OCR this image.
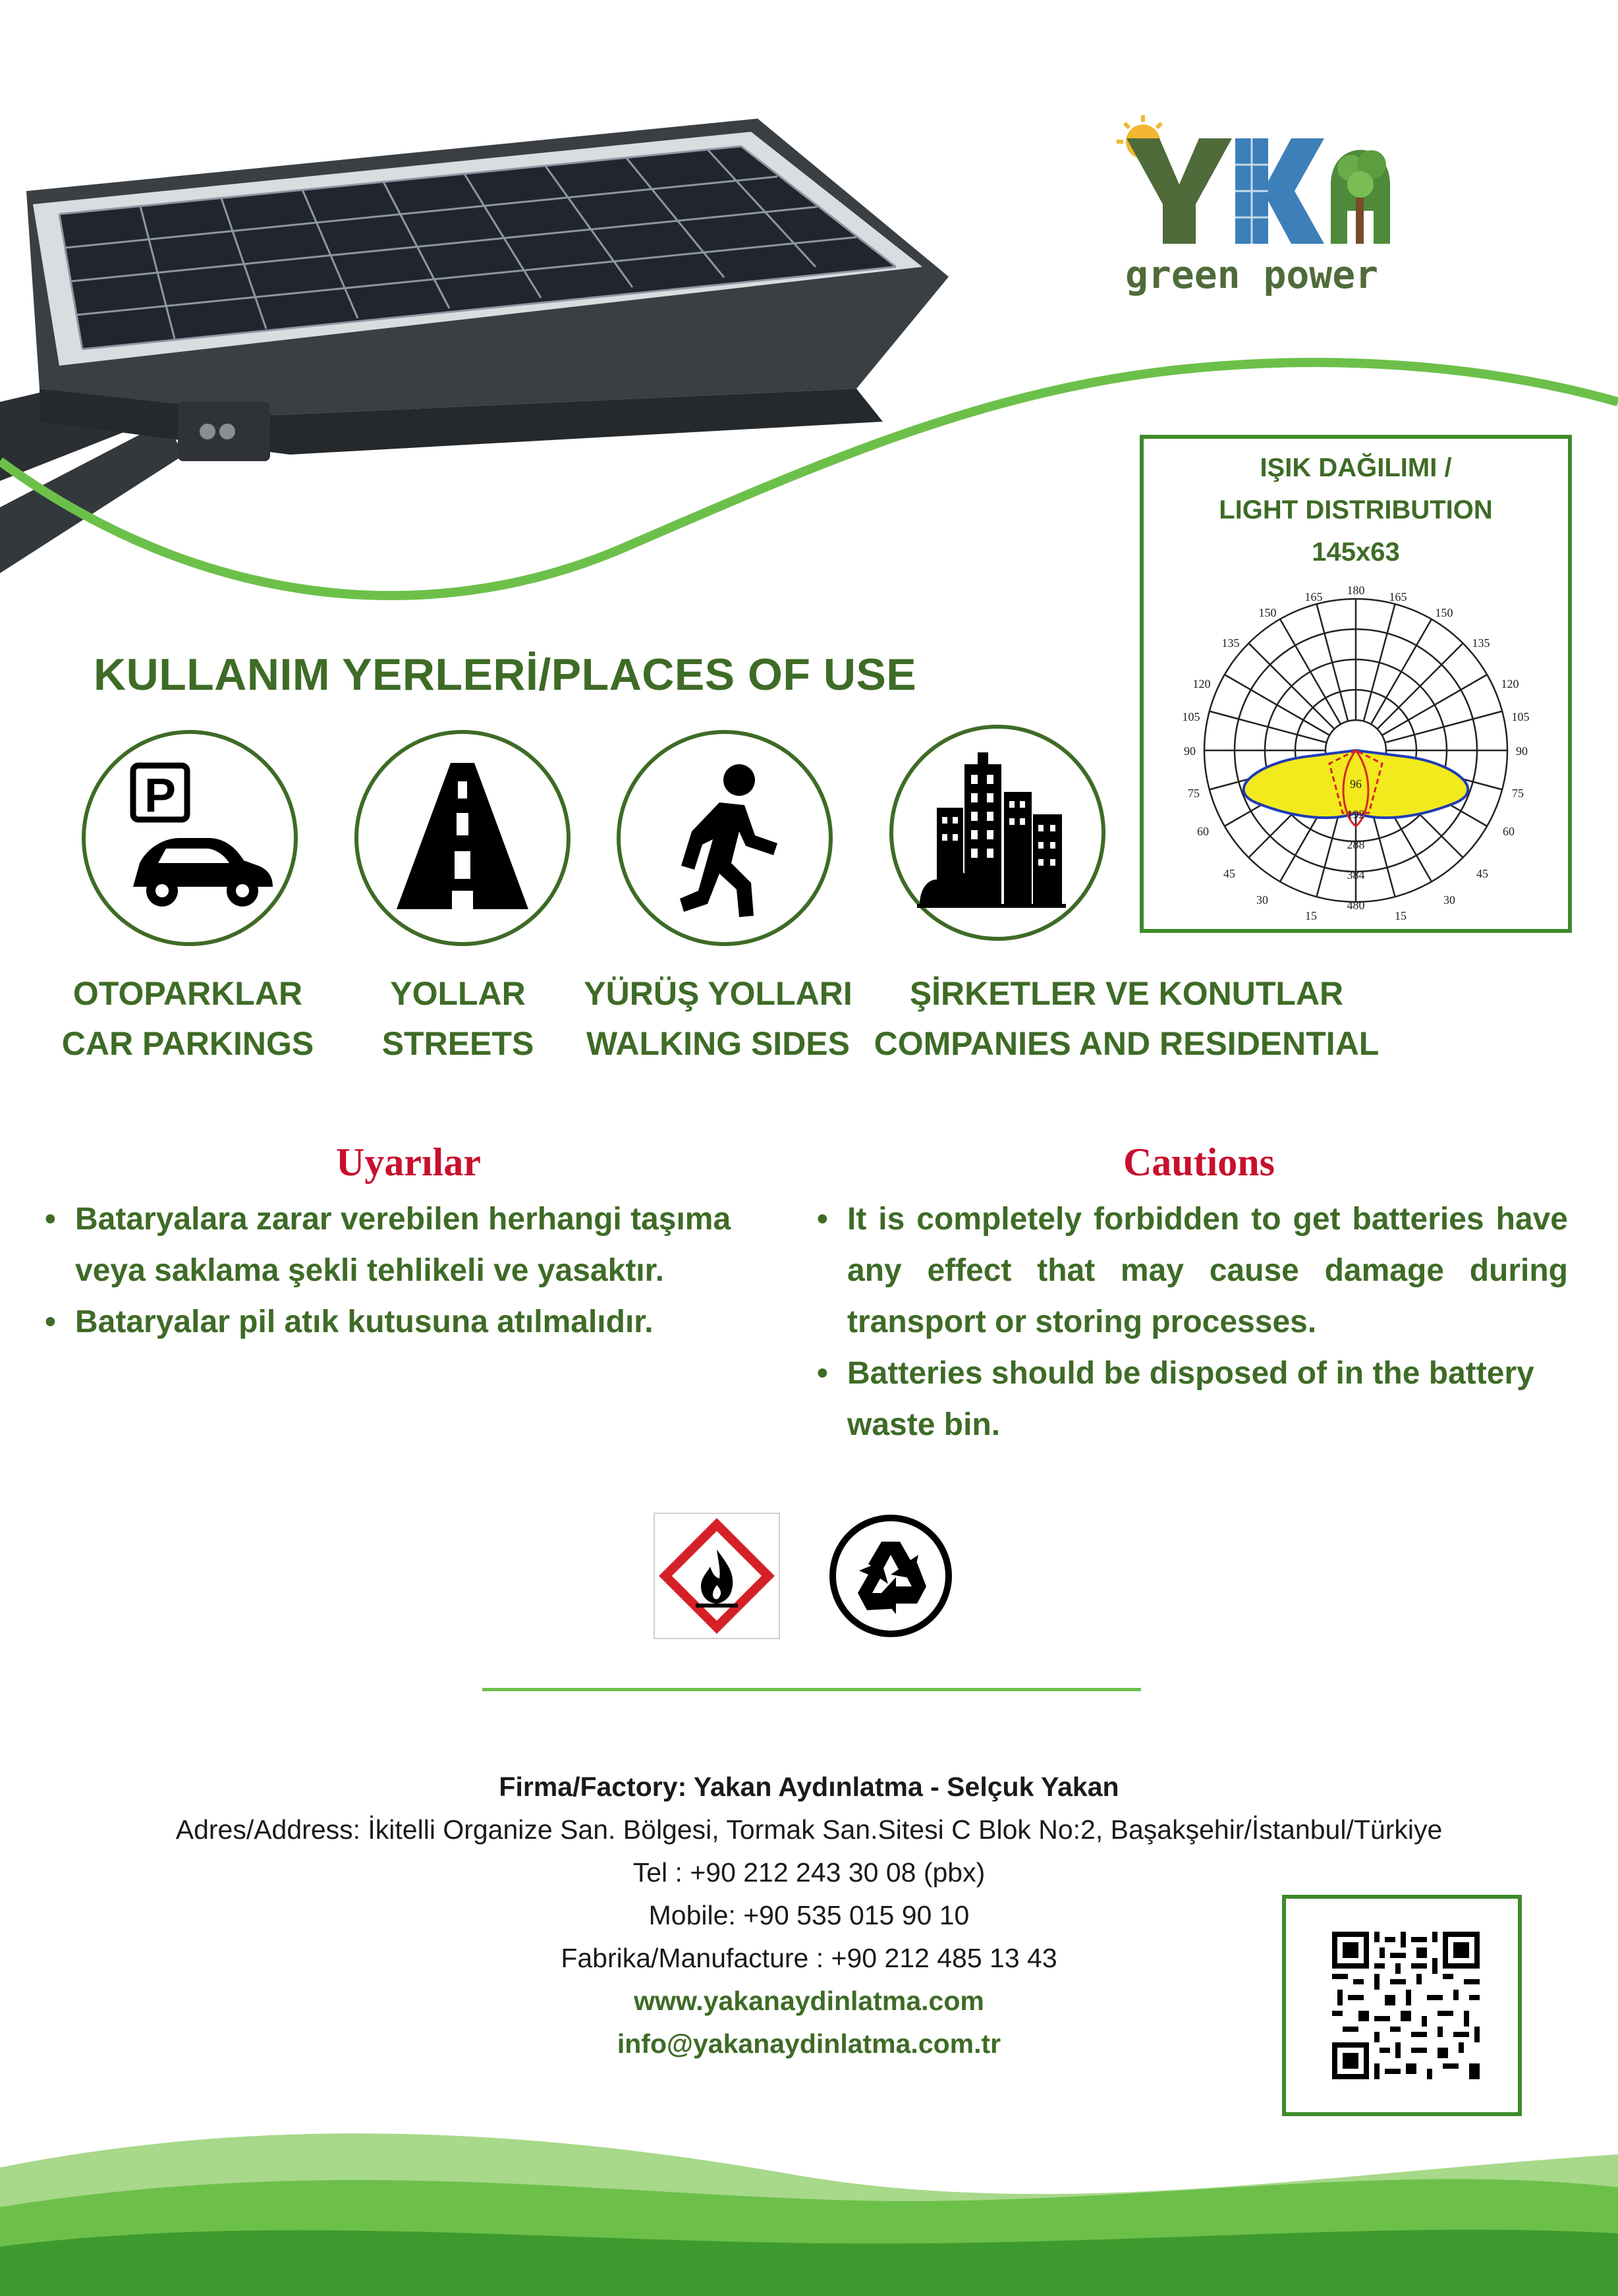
green power
IŞIK DAĞILIMI /
LIGHT DISTRIBUTION
145x63
180
165	165
150	150
135	135
120	120
105	105
90	90
75	75
60	60
45	45
30	30
15	15
96
192
288
384
480
KULLANIM YERLERİ/PLACES OF USE
P
OTOPARKLAR
CAR PARKINGS
YOLLAR
STREETS
YÜRÜŞ YOLLARI
WALKING SIDES
ŞİRKETLER VE KONUTLAR
COMPANIES AND RESIDENTIAL
Uyarılar
• Bataryalara zarar verebilen herhangi taşıma veya saklama şekli tehlikeli ve yasaktır.
• Bataryalar pil atık kutusuna atılmalıdır.
Cautions
• It is completely forbidden to get batteries have any effect that may cause damage during transport or storing processes.
• Batteries should be disposed of in the battery waste bin.
Firma/Factory: Yakan Aydınlatma - Selçuk Yakan
Adres/Address: İkitelli Organize San. Bölgesi, Tormak San.Sitesi C Blok No:2, Başakşehir/İstanbul/Türkiye
Tel : +90 212 243 30 08 (pbx)
Mobile: +90 535 015 90 10
Fabrika/Manufacture : +90 212 485 13 43
www.yakanaydinlatma.com
info@yakanaydinlatma.com.tr
